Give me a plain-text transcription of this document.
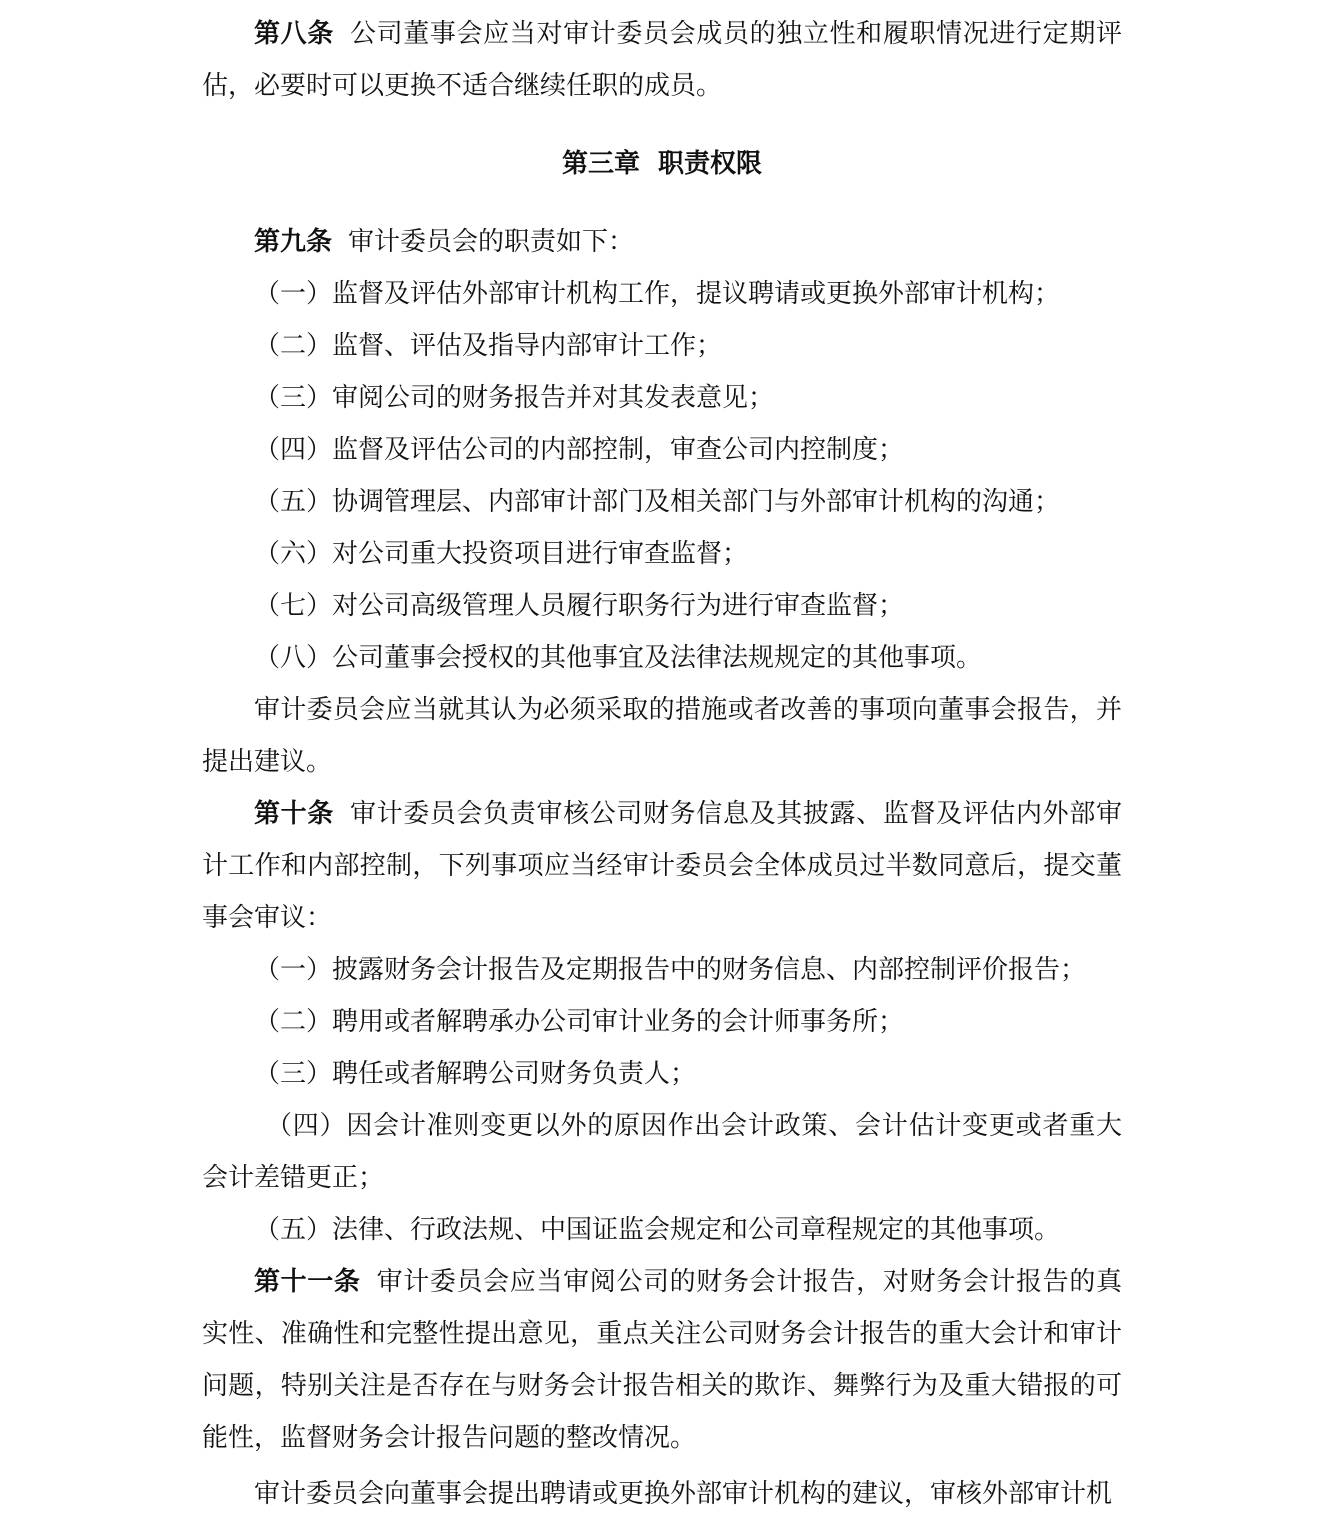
第八条 公司董事会应当对审计委员会成员的独立性和履职情况进行定期评估，必要时可以更换不适合继续任职的成员。

第三章  职责权限

第九条 审计委员会的职责如下：

（一）监督及评估外部审计机构工作，提议聘请或更换外部审计机构；

（二）监督、评估及指导内部审计工作；

（三）审阅公司的财务报告并对其发表意见；

（四）监督及评估公司的内部控制，审查公司内控制度；

（五）协调管理层、内部审计部门及相关部门与外部审计机构的沟通；

（六）对公司重大投资项目进行审查监督；

（七）对公司高级管理人员履行职务行为进行审查监督；

（八）公司董事会授权的其他事宜及法律法规规定的其他事项。

审计委员会应当就其认为必须采取的措施或者改善的事项向董事会报告，并提出建议。

第十条 审计委员会负责审核公司财务信息及其披露、监督及评估内外部审计工作和内部控制，下列事项应当经审计委员会全体成员过半数同意后，提交董事会审议：

（一）披露财务会计报告及定期报告中的财务信息、内部控制评价报告；

（二）聘用或者解聘承办公司审计业务的会计师事务所；

（三）聘任或者解聘公司财务负责人；

（四）因会计准则变更以外的原因作出会计政策、会计估计变更或者重大会计差错更正；

（五）法律、行政法规、中国证监会规定和公司章程规定的其他事项。

第十一条 审计委员会应当审阅公司的财务会计报告，对财务会计报告的真实性、准确性和完整性提出意见，重点关注公司财务会计报告的重大会计和审计问题，特别关注是否存在与财务会计报告相关的欺诈、舞弊行为及重大错报的可能性，监督财务会计报告问题的整改情况。

审计委员会向董事会提出聘请或更换外部审计机构的建议，审核外部审计机
